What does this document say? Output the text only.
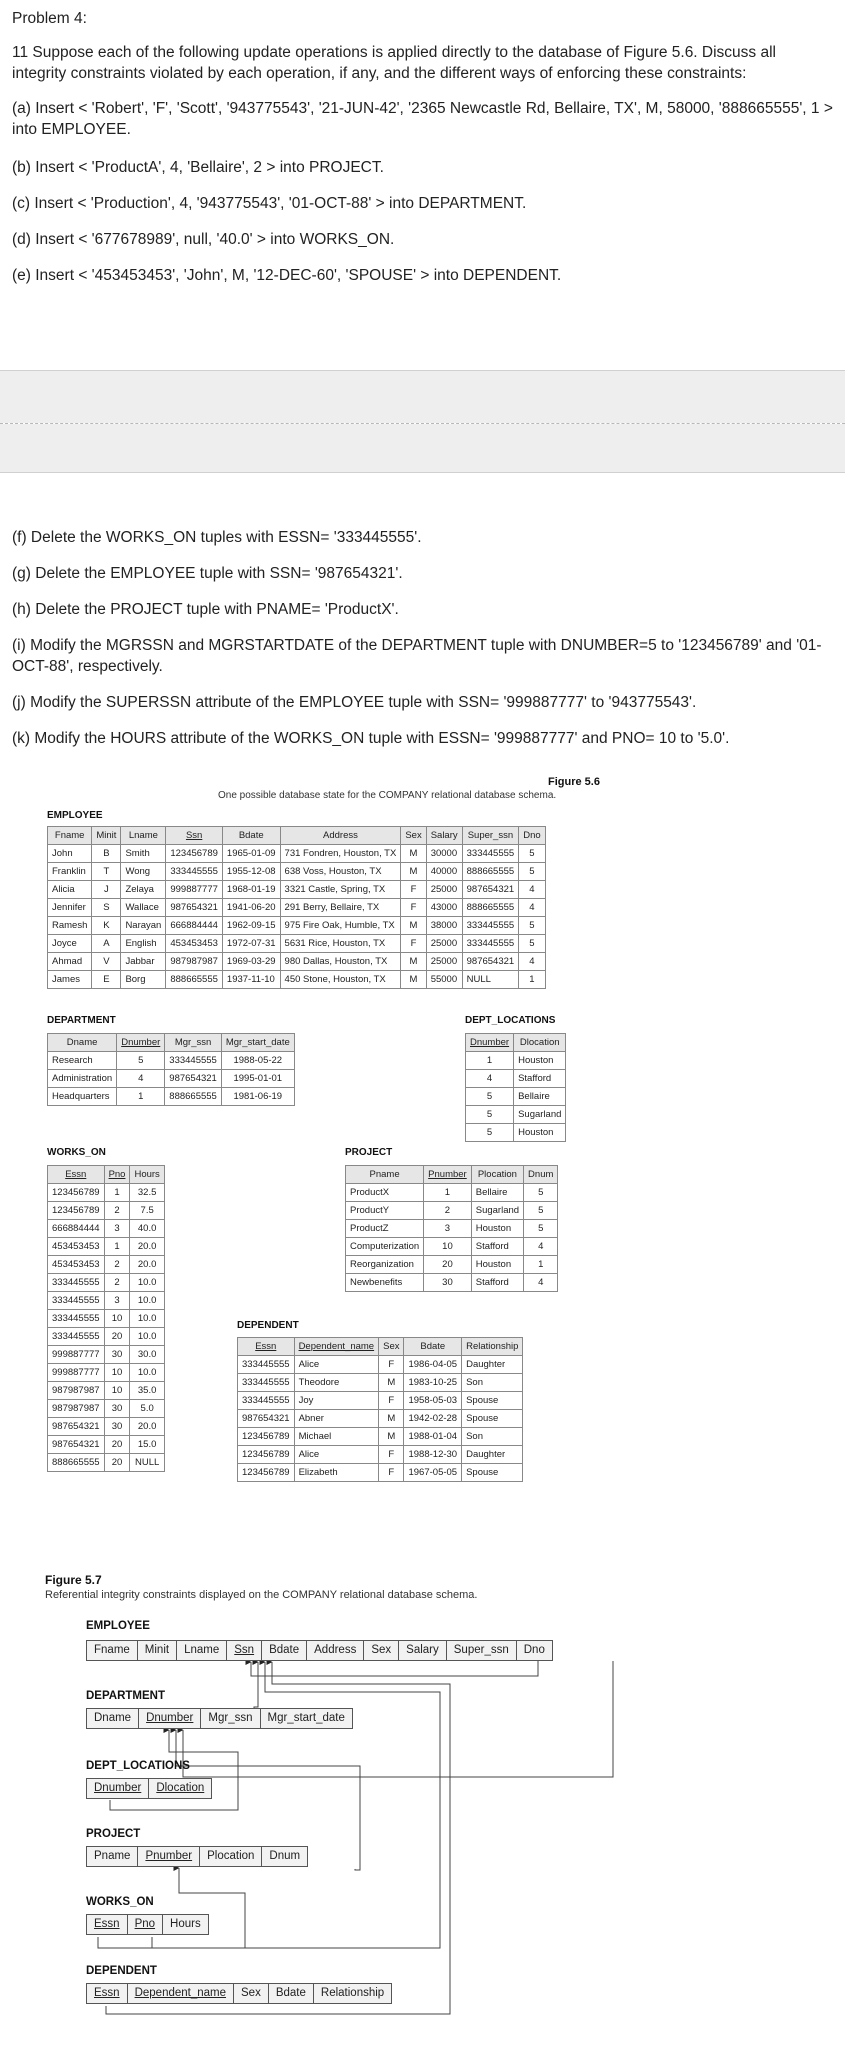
Problem 4:
11 Suppose each of the following update operations is applied directly to the database of Figure 5.6. Discuss all integrity constraints violated by each operation, if any, and the different ways of enforcing these constraints:
(a) Insert < 'Robert', 'F', 'Scott', '943775543', '21-JUN-42', '2365 Newcastle Rd, Bellaire, TX', M, 58000, '888665555', 1 > into EMPLOYEE.
(b) Insert < 'ProductA', 4, 'Bellaire', 2 > into PROJECT.
(c) Insert < 'Production', 4, '943775543', '01-OCT-88' > into DEPARTMENT.
(d) Insert < '677678989', null, '40.0' > into WORKS_ON.
(e) Insert < '453453453', 'John', M, '12-DEC-60', 'SPOUSE' > into DEPENDENT.
(f) Delete the WORKS_ON tuples with ESSN= '333445555'.
(g) Delete the EMPLOYEE tuple with SSN= '987654321'.
(h) Delete the PROJECT tuple with PNAME= 'ProductX'.
(i) Modify the MGRSSN and MGRSTARTDATE of the DEPARTMENT tuple with DNUMBER=5 to '123456789' and '01-OCT-88', respectively.
(j) Modify the SUPERSSN attribute of the EMPLOYEE tuple with SSN= '999887777' to '943775543'.
(k) Modify the HOURS attribute of the WORKS_ON tuple with ESSN= '999887777' and PNO= 10 to '5.0'.
Figure 5.6
One possible database state for the COMPANY relational database schema.
EMPLOYEE
Fname	Minit	Lname	Ssn	Bdate	Address	Sex	Salary	Super_ssn	Dno
John	B	Smith	123456789	1965-01-09	731 Fondren, Houston, TX	M	30000	333445555	5
Franklin	T	Wong	333445555	1955-12-08	638 Voss, Houston, TX	M	40000	888665555	5
Alicia	J	Zelaya	999887777	1968-01-19	3321 Castle, Spring, TX	F	25000	987654321	4
Jennifer	S	Wallace	987654321	1941-06-20	291 Berry, Bellaire, TX	F	43000	888665555	4
Ramesh	K	Narayan	666884444	1962-09-15	975 Fire Oak, Humble, TX	M	38000	333445555	5
Joyce	A	English	453453453	1972-07-31	5631 Rice, Houston, TX	F	25000	333445555	5
Ahmad	V	Jabbar	987987987	1969-03-29	980 Dallas, Houston, TX	M	25000	987654321	4
James	E	Borg	888665555	1937-11-10	450 Stone, Houston, TX	M	55000	NULL	1
DEPARTMENT
Dname	Dnumber	Mgr_ssn	Mgr_start_date
Research	5	333445555	1988-05-22
Administration	4	987654321	1995-01-01
Headquarters	1	888665555	1981-06-19
DEPT_LOCATIONS
Dnumber	Dlocation
1	Houston
4	Stafford
5	Bellaire
5	Sugarland
5	Houston
WORKS_ON
Essn	Pno	Hours
123456789	1	32.5
123456789	2	7.5
666884444	3	40.0
453453453	1	20.0
453453453	2	20.0
333445555	2	10.0
333445555	3	10.0
333445555	10	10.0
333445555	20	10.0
999887777	30	30.0
999887777	10	10.0
987987987	10	35.0
987987987	30	5.0
987654321	30	20.0
987654321	20	15.0
888665555	20	NULL
PROJECT
Pname	Pnumber	Plocation	Dnum
ProductX	1	Bellaire	5
ProductY	2	Sugarland	5
ProductZ	3	Houston	5
Computerization	10	Stafford	4
Reorganization	20	Houston	1
Newbenefits	30	Stafford	4
DEPENDENT
Essn	Dependent_name	Sex	Bdate	Relationship
333445555	Alice	F	1986-04-05	Daughter
333445555	Theodore	M	1983-10-25	Son
333445555	Joy	F	1958-05-03	Spouse
987654321	Abner	M	1942-02-28	Spouse
123456789	Michael	M	1988-01-04	Son
123456789	Alice	F	1988-12-30	Daughter
123456789	Elizabeth	F	1967-05-05	Spouse
Figure 5.7
Referential integrity constraints displayed on the COMPANY relational database schema.
EMPLOYEE
Fname	Minit	Lname	Ssn	Bdate	Address	Sex	Salary	Super_ssn	Dno
DEPARTMENT
Dname	Dnumber	Mgr_ssn	Mgr_start_date
DEPT_LOCATIONS
Dnumber	Dlocation
PROJECT
Pname	Pnumber	Plocation	Dnum
WORKS_ON
Essn	Pno	Hours
DEPENDENT
Essn	Dependent_name	Sex	Bdate	Relationship
